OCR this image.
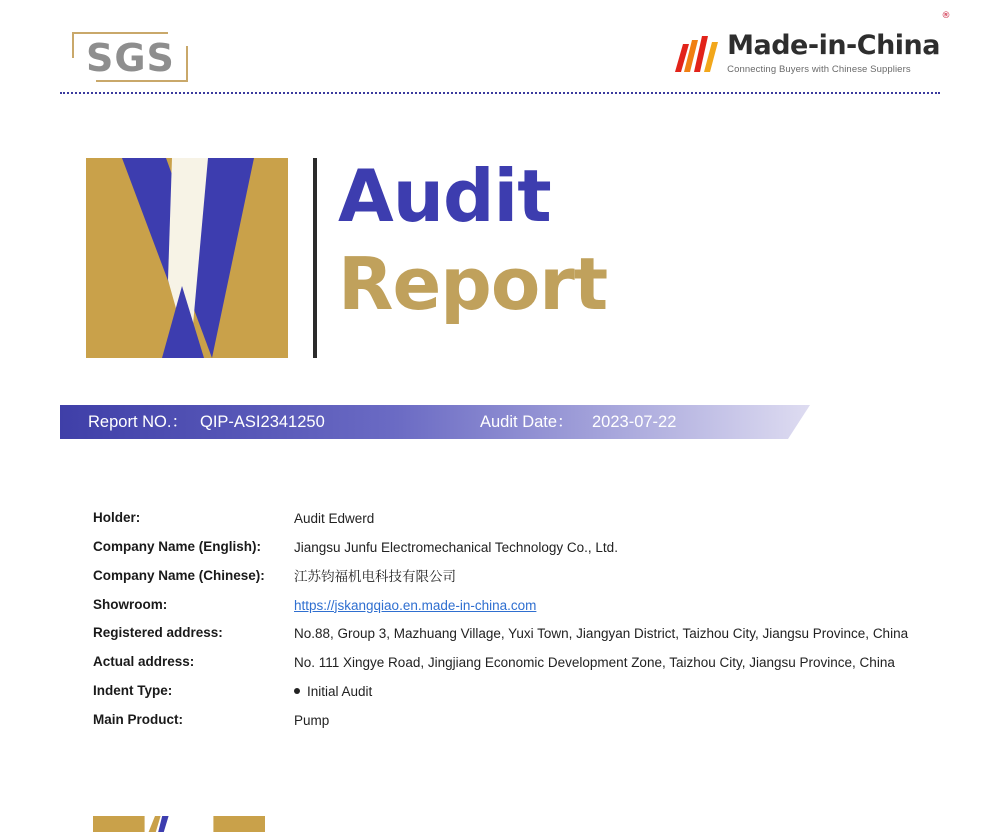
SGS	Made-in-China
®
Connecting Buyers with Chinese Suppliers
Audit
Report
Report NO.： QIP-ASI2341250	Audit Date： 2023-07-22
Holder:	Audit Edwerd
Company Name (English):	Jiangsu Junfu Electromechanical Technology Co., Ltd.
Company Name (Chinese):	江苏钧福机电科技有限公司
Showroom:	https://jskangqiao.en.made-in-china.com
Registered address:	No.88, Group 3, Mazhuang Village, Yuxi Town, Jiangyan District, Taizhou City, Jiangsu Province, China
Actual address:	No. 111 Xingye Road, Jingjiang Economic Development Zone, Taizhou City, Jiangsu Province, China
Indent Type:	Initial Audit
Main Product:	Pump
